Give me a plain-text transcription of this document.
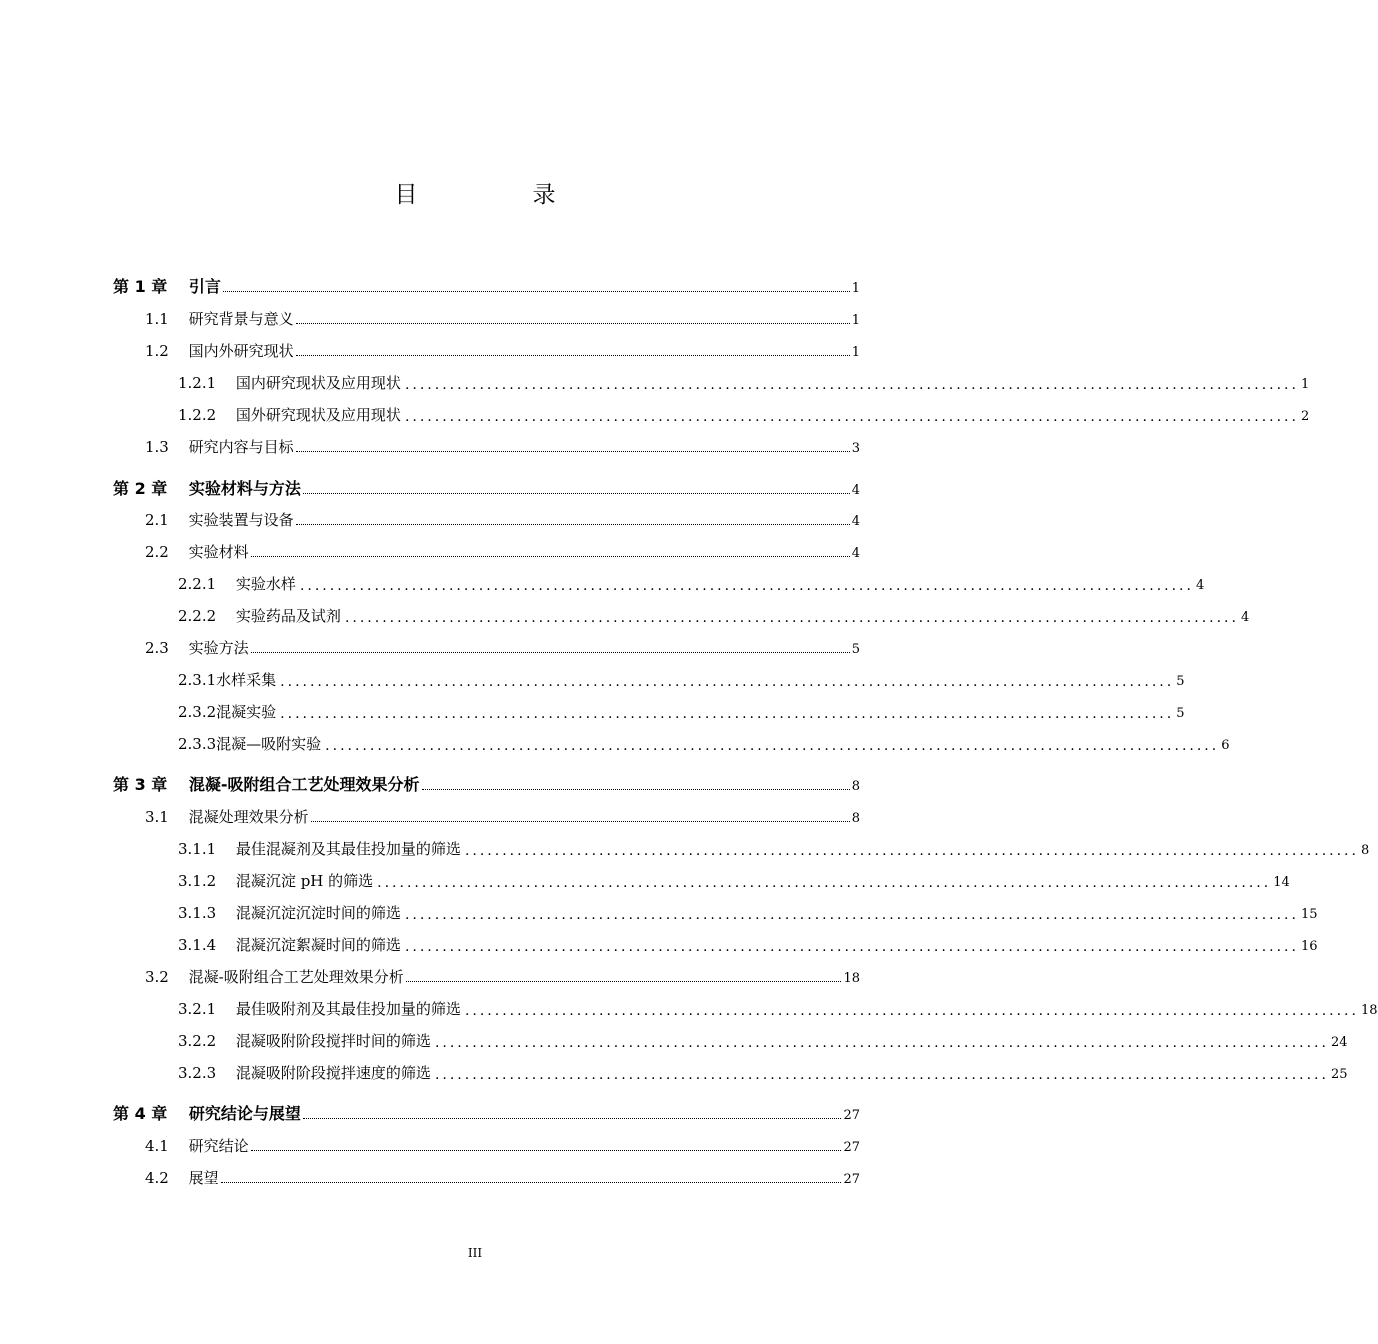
目　录
第 1 章　 引言	1
1.1　 研究背景与意义	1
1.2　 国内外研究现状	1
1.2.1　 国内研究现状及应用现状 ........................................................................................................................ 1
1.2.2　 国外研究现状及应用现状 ........................................................................................................................ 2
1.3　 研究内容与目标	3
第 2 章　 实验材料与方法	4
2.1　 实验装置与设备	4
2.2　 实验材料	4
2.2.1　 实验水样 ........................................................................................................................ 4
2.2.2　 实验药品及试剂 ........................................................................................................................ 4
2.3　 实验方法	5
2.3.1水样采集 ........................................................................................................................ 5
2.3.2混凝实验 ........................................................................................................................ 5
2.3.3混凝—吸附实验 ........................................................................................................................ 6
第 3 章　 混凝-吸附组合工艺处理效果分析	8
3.1　 混凝处理效果分析	8
3.1.1　 最佳混凝剂及其最佳投加量的筛选 ........................................................................................................................ 8
3.1.2　 混凝沉淀 pH 的筛选 ........................................................................................................................ 14
3.1.3　 混凝沉淀沉淀时间的筛选 ........................................................................................................................ 15
3.1.4　 混凝沉淀絮凝时间的筛选 ........................................................................................................................ 16
3.2　 混凝-吸附组合工艺处理效果分析	18
3.2.1　 最佳吸附剂及其最佳投加量的筛选 ........................................................................................................................ 18
3.2.2　 混凝吸附阶段搅拌时间的筛选 ........................................................................................................................ 24
3.2.3　 混凝吸附阶段搅拌速度的筛选 ........................................................................................................................ 25
第 4 章　 研究结论与展望	27
4.1　 研究结论	27
4.2　 展望	27
III
